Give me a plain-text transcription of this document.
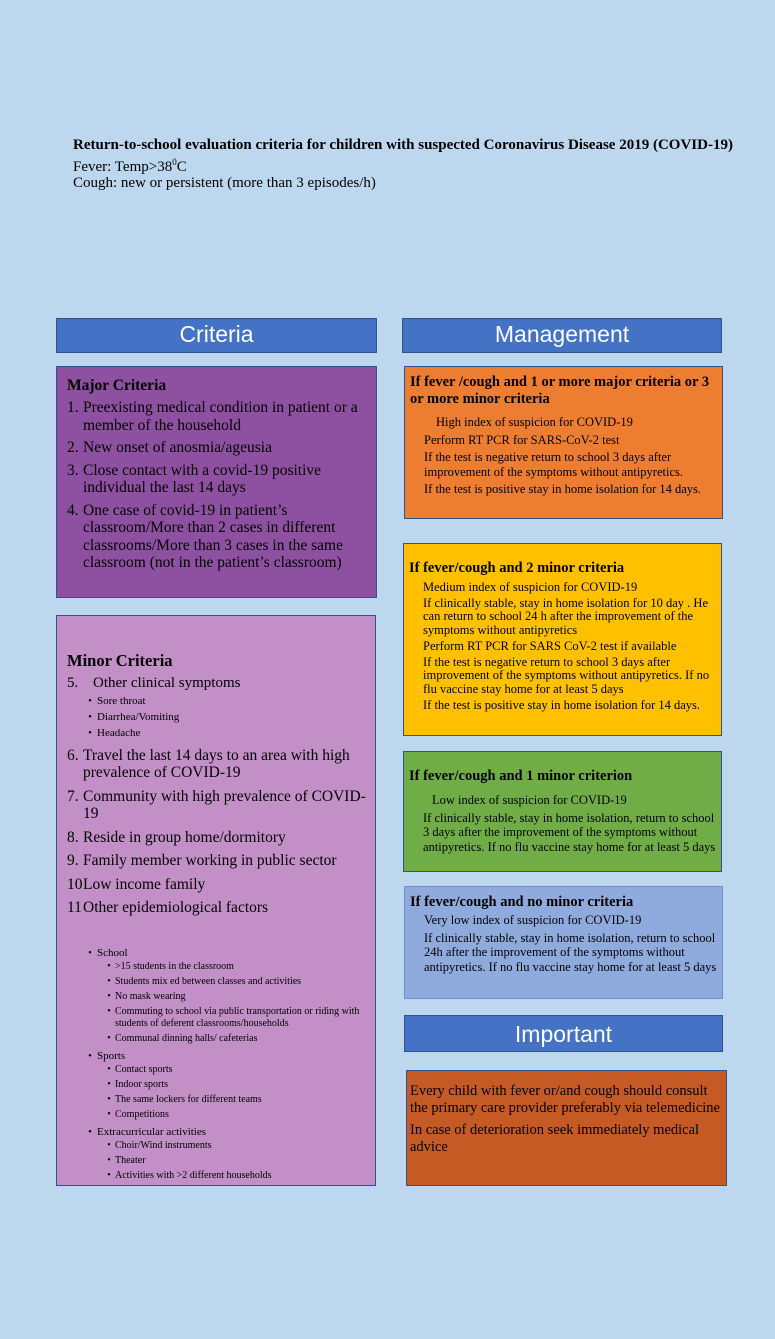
Return-to-school evaluation criteria for children with suspected Coronavirus Disease 2019 (COVID-19)

Fever: $Temp>38^0C$

Cough: new or persistent (more than 3 episodes/h)

Criteria	Management

Major Criteria

1. Preexisting medical condition in patient or a member of the household
2. New onset of anosmia/ageusia
3. Close contact with a covid-19 positive individual the last 14 days
4. One case of covid-19 in patient’s classroom/More than 2 cases in different classrooms/More than 3 cases in the same classroom (not in the patient’s classroom)

Minor Criteria

5. Other clinical symptoms
• Sore throat
• Diarrhea/Vomiting
• Headache
6. Travel the last 14 days to an area with high prevalence of COVID-19
7. Community with high prevalence of COVID-19
8. Reside in group home/dormitory
9. Family member working in public sector
10 Low income family
11 Other epidemiological factors
• School
• >15 students in the classroom
• Students mix ed between classes and activities
• No mask wearing
• Commuting to school via public transportation or riding with students of deferent classrooms/households
• Communal dinning halls/ cafeterias
• Sports
• Contact sports
• Indoor sports
• The same lockers for different teams
• Competitions
• Extracurricular activities
• Choir/Wind instruments
• Theater
• Activities with >2 different households

If fever /cough and 1 or more major criteria or 3 or more minor criteria

High index of suspicion for COVID-19

Perform RT PCR for SARS-CoV-2 test

If the test is negative return to school 3 days after improvement of the symptoms without antipyretics.

If the test is positive stay in home isolation for 14 days.

If fever/cough and 2 minor criteria

Medium index of suspicion for COVID-19

If clinically stable, stay in home isolation for 10 day . He can return to school 24 h after the improvement of the symptoms without antipyretics

Perform RT PCR for SARS CoV-2 test if available

If the test is negative return to school 3 days after improvement of the symptoms without antipyretics. If no flu vaccine stay home for at least 5 days

If the test is positive stay in home isolation for 14 days.

If fever/cough and 1 minor criterion

Low index of suspicion for COVID-19

If clinically stable, stay in home isolation, return to school 3 days after the improvement of the symptoms without antipyretics. If no flu vaccine stay home for at least 5 days

If fever/cough and no minor criteria

Very low index of suspicion for COVID-19

If clinically stable, stay in home isolation, return to school 24h after the improvement of the symptoms without antipyretics. If no flu vaccine stay home for at least 5 days

Important

Every child with fever or/and cough should consult the primary care provider preferably via telemedicine

In case of deterioration seek immediately medical advice
